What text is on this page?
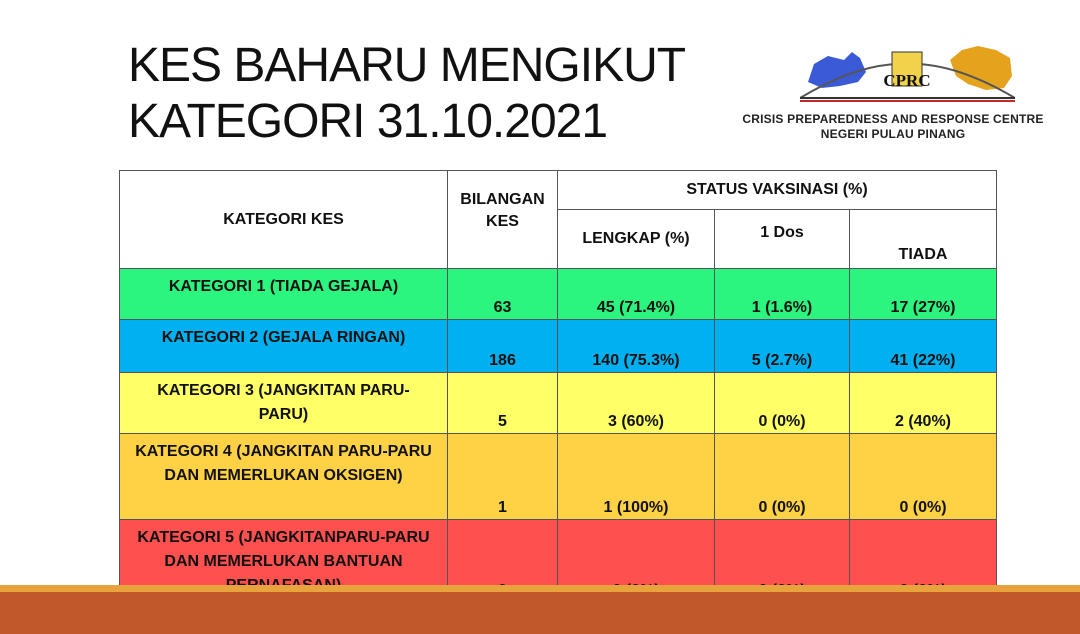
KES BAHARU MENGIKUT
KATEGORI 31.10.2021
CPRC
CRISIS PREPAREDNESS AND RESPONSE CENTRE
NEGERI PULAU PINANG
KATEGORI KES	BILANGAN KES	STATUS VAKSINASI (%)		
		LENGKAP (%)	1 Dos	TIADA
KATEGORI 1 (TIADA GEJALA)	63	45 (71.4%)	1 (1.6%)	17 (27%)
KATEGORI 2 (GEJALA RINGAN)	186	140 (75.3%)	5 (2.7%)	41 (22%)
KATEGORI 3 (JANGKITAN PARU-PARU)	5	3 (60%)	0 (0%)	2 (40%)
KATEGORI 4 (JANGKITAN PARU-PARU DAN MEMERLUKAN OKSIGEN)	1	1 (100%)	0 (0%)	0 (0%)
KATEGORI 5 (JANGKITANPARU-PARU DAN MEMERLUKAN BANTUAN				
